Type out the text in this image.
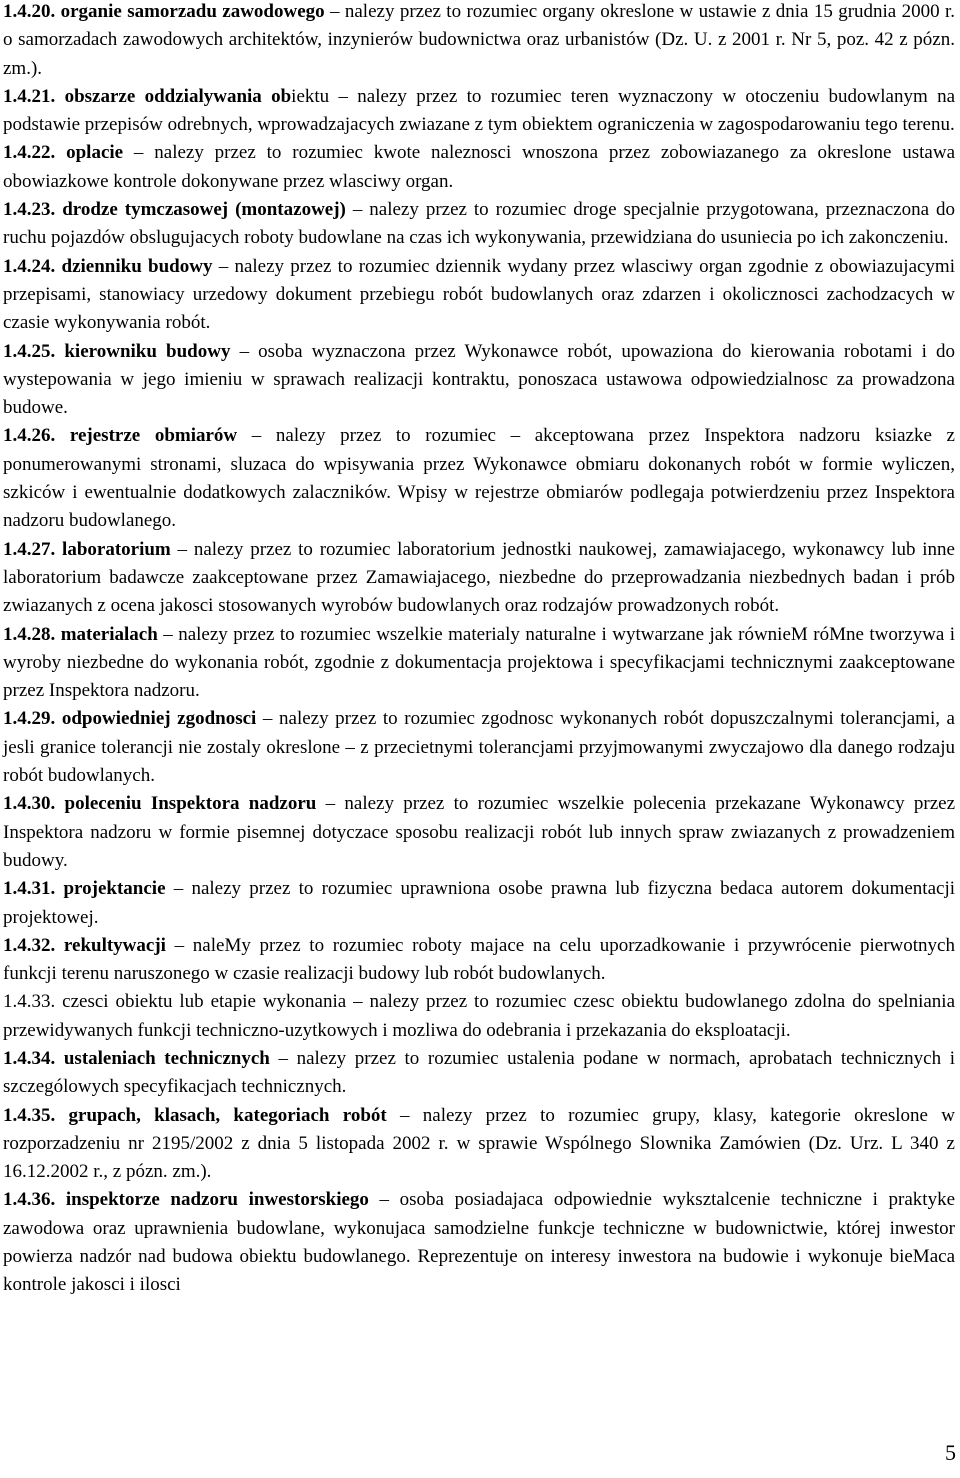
1.4.20. organie samorzadu zawodowego – nalezy przez to rozumiec organy okreslone w ustawie z dnia 15 grudnia 2000 r. o samorzadach zawodowych architektów, inzynierów budownictwa oraz urbanistów (Dz. U. z 2001 r. Nr 5, poz. 42 z pózn. zm.).

1.4.21. obszarze oddzialywania obiektu – nalezy przez to rozumiec teren wyznaczony w otoczeniu budowlanym na podstawie przepisów odrebnych, wprowadzajacych zwiazane z tym obiektem ograniczenia w zagospodarowaniu tego terenu.

1.4.22. oplacie – nalezy przez to rozumiec kwote naleznosci wnoszona przez zobowiazanego za okreslone ustawa obowiazkowe kontrole dokonywane przez wlasciwy organ.

1.4.23. drodze tymczasowej (montazowej) – nalezy przez to rozumiec droge specjalnie przygotowana, przeznaczona do ruchu pojazdów obslugujacych roboty budowlane na czas ich wykonywania, przewidziana do usuniecia po ich zakonczeniu.

1.4.24. dzienniku budowy – nalezy przez to rozumiec dziennik wydany przez wlasciwy organ zgodnie z obowiazujacymi przepisami, stanowiacy urzedowy dokument przebiegu robót budowlanych oraz zdarzen i okolicznosci zachodzacych w czasie wykonywania robót.

1.4.25. kierowniku budowy – osoba wyznaczona przez Wykonawce robót, upowaziona do kierowania robotami i do wystepowania w jego imieniu w sprawach realizacji kontraktu, ponoszaca ustawowa odpowiedzialnosc za prowadzona budowe.

1.4.26. rejestrze obmiarów – nalezy przez to rozumiec – akceptowana przez Inspektora nadzoru ksiazke z ponumerowanymi stronami, sluzaca do wpisywania przez Wykonawce obmiaru dokonanych robót w formie wyliczen, szkiców i ewentualnie dodatkowych zalaczników. Wpisy w rejestrze obmiarów podlegaja potwierdzeniu przez Inspektora nadzoru budowlanego.

1.4.27. laboratorium – nalezy przez to rozumiec laboratorium jednostki naukowej, zamawiajacego, wykonawcy lub inne laboratorium badawcze zaakceptowane przez Zamawiajacego, niezbedne do przeprowadzania niezbednych badan i prób zwiazanych z ocena jakosci stosowanych wyrobów budowlanych oraz rodzajów prowadzonych robót.

1.4.28. materialach – nalezy przez to rozumiec wszelkie materialy naturalne i wytwarzane jak równieM róMne tworzywa i wyroby niezbedne do wykonania robót, zgodnie z dokumentacja projektowa i specyfikacjami technicznymi zaakceptowane przez Inspektora nadzoru.

1.4.29. odpowiedniej zgodnosci – nalezy przez to rozumiec zgodnosc wykonanych robót dopuszczalnymi tolerancjami, a jesli granice tolerancji nie zostaly okreslone – z przecietnymi tolerancjami przyjmowanymi zwyczajowo dla danego rodzaju robót budowlanych.

1.4.30. poleceniu Inspektora nadzoru – nalezy przez to rozumiec wszelkie polecenia przekazane Wykonawcy przez Inspektora nadzoru w formie pisemnej dotyczace sposobu realizacji robót lub innych spraw zwiazanych z prowadzeniem budowy.

1.4.31. projektancie – nalezy przez to rozumiec uprawniona osobe prawna lub fizyczna bedaca autorem dokumentacji projektowej.

1.4.32. rekultywacji – naleMy przez to rozumiec roboty majace na celu uporzadkowanie i przywrócenie pierwotnych funkcji terenu naruszonego w czasie realizacji budowy lub robót budowlanych.

1.4.33. czesci obiektu lub etapie wykonania – nalezy przez to rozumiec czesc obiektu budowlanego zdolna do spelniania przewidywanych funkcji techniczno-uzytkowych i mozliwa do odebrania i przekazania do eksploatacji.

1.4.34. ustaleniach technicznych – nalezy przez to rozumiec ustalenia podane w normach, aprobatach technicznych i szczególowych specyfikacjach technicznych.

1.4.35. grupach, klasach, kategoriach robót – nalezy przez to rozumiec grupy, klasy, kategorie okreslone w rozporzadzeniu nr 2195/2002 z dnia 5 listopada 2002 r. w sprawie Wspólnego Slownika Zamówien (Dz. Urz. L 340 z 16.12.2002 r., z pózn. zm.).

1.4.36. inspektorze nadzoru inwestorskiego – osoba posiadajaca odpowiednie wyksztalcenie techniczne i praktyke zawodowa oraz uprawnienia budowlane, wykonujaca samodzielne funkcje techniczne w budownictwie, której inwestor powierza nadzór nad budowa obiektu budowlanego. Reprezentuje on interesy inwestora na budowie i wykonuje bieMaca kontrole jakosci i ilosci

5
